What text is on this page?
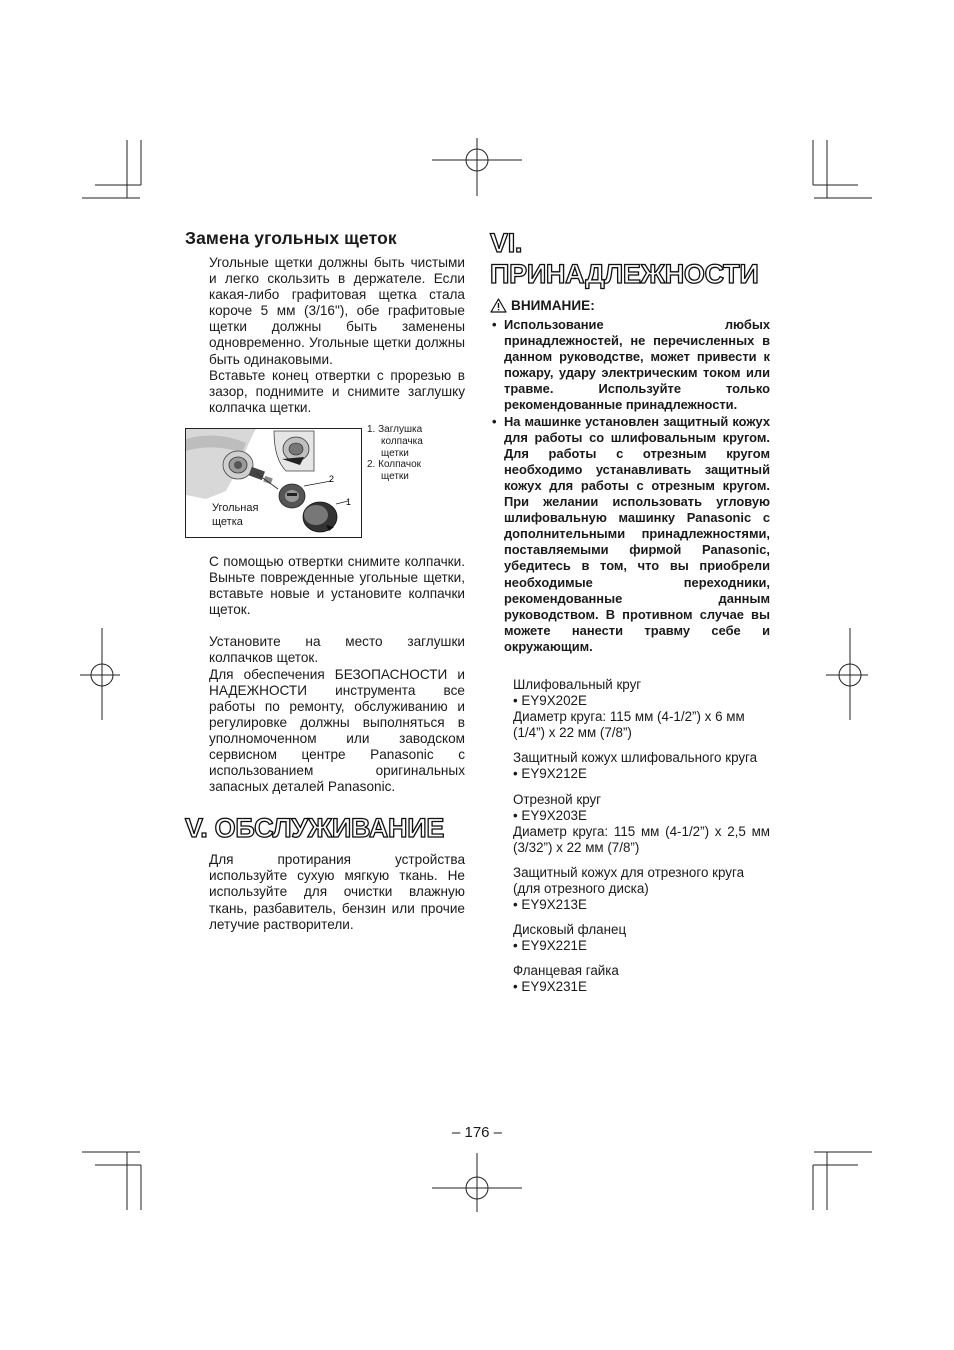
Замена угольных щеток

Угольные щетки должны быть чистыми и легко скользить в держателе. Если какая-либо графитовая щетка стала короче 5 мм (3/16"), обе графитовые щетки должны быть заменены одновременно. Угольные щетки должны быть одинаковыми.

Вставьте конец отвертки с прорезью в зазор, поднимите и снимите заглушку колпачка щетки.

1
2
Угольная щетка
1. Заглушка колпачка щетки
2. Колпачок щетки

С помощью отвертки снимите колпачки. Выньте поврежденные угольные щетки, вставьте новые и установите колпачки щеток.

Установите на место заглушки колпачков щеток.

Для обеспечения БЕЗОПАСНОСТИ и НАДЕЖНОСТИ инструмента все работы по ремонту, обслуживанию и регулировке должны выполняться в уполномоченном или заводском сервисном центре Panasonic с использованием оригинальных запасных деталей Panasonic.

V. ОБСЛУЖИВАНИЕ

Для протирания устройства используйте сухую мягкую ткань. Не используйте для очистки влажную ткань, разбавитель, бензин или прочие летучие растворители.

VI. ПРИНАДЛЕЖНОСТИ
ВНИМАНИЕ:
• Использование любых принадлежностей, не перечисленных в данном руководстве, может привести к пожару, удару электрическим током или травме. Используйте только рекомендованные принадлежности.
• На машинке установлен защитный кожух для работы со шлифовальным кругом. Для работы с отрезным кругом необходимо устанавливать защитный кожух для работы с отрезным кругом. При желании использовать угловую шлифовальную машинку Panasonic с дополнительными принадлежностями, поставляемыми фирмой Panasonic, убедитесь в том, что вы приобрели необходимые переходники, рекомендованные данным руководством. В противном случае вы можете нанести травму себе и окружающим.
Шлифовальный круг
• EY9X202E
Диаметр круга: 115 мм (4-1/2”) x 6 мм (1/4”) x 22 мм (7/8”)
Защитный кожух шлифовального круга
• EY9X212E
Отрезной круг
• EY9X203E
Диаметр круга: 115 мм (4-1/2”) x 2,5 мм (3/32”) x 22 мм (7/8”)
Защитный кожух для отрезного круга (для отрезного диска)
• EY9X213E
Дисковый фланец
• EY9X221E
Фланцевая гайка
• EY9X231E
– 176 –
